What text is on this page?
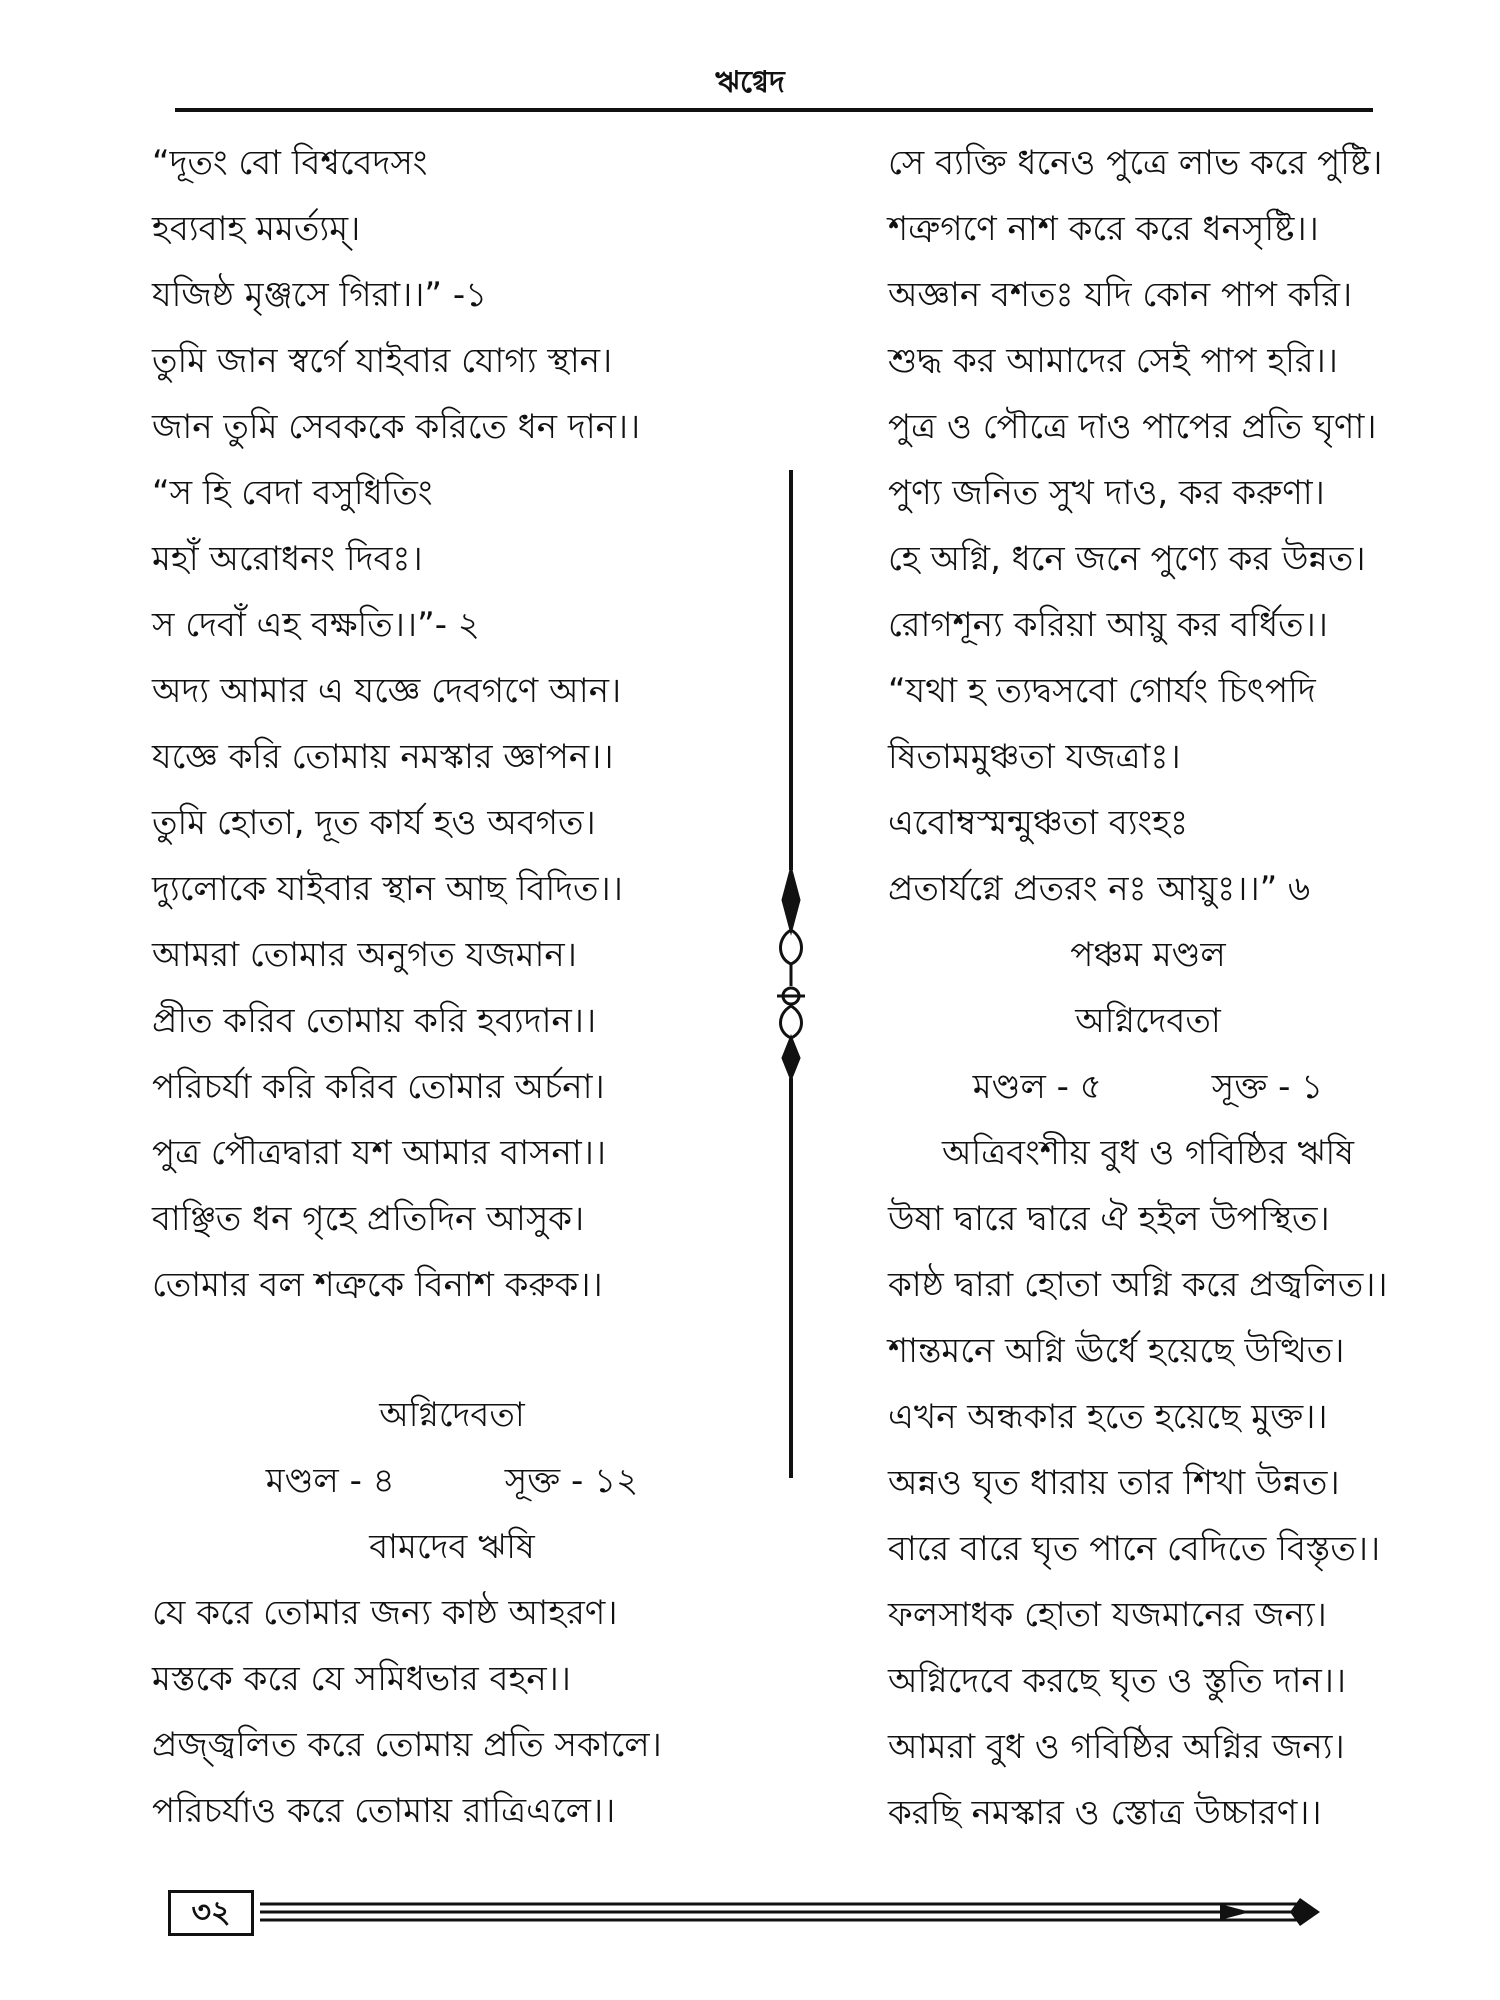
ঋগ্বেদ
“দূতং বো বিশ্ববেদসং
হব্যবাহ মমর্ত্যম্।
যজিষ্ঠ মৃঞ্জসে গিরা।।” -১
তুমি জান স্বর্গে যাইবার যোগ্য স্থান।
জান তুমি সেবককে করিতে ধন দান।।
“স হি বেদা বসুধিতিং
মহাঁ অরোধনং দিবঃ।
স দেবাঁ এহ বক্ষতি।।”- ২
অদ্য আমার এ যজ্ঞে দেবগণে আন।
যজ্ঞে করি তোমায় নমস্কার জ্ঞাপন।।
তুমি হোতা, দূত কার্য হও অবগত।
দ্যুলোকে যাইবার স্থান আছ বিদিত।।
আমরা তোমার অনুগত যজমান।
প্রীত করিব তোমায় করি হব্যদান।।
পরিচর্যা করি করিব তোমার অর্চনা।
পুত্র পৌত্রদ্বারা যশ আমার বাসনা।।
বাঞ্ছিত ধন গৃহে প্রতিদিন আসুক।
তোমার বল শত্রুকে বিনাশ করুক।।
অগ্নিদেবতা
মণ্ডল - ৪	সূক্ত - ১২
বামদেব ঋষি
যে করে তোমার জন্য কাষ্ঠ আহরণ।
মস্তকে করে যে সমিধভার বহন।।
প্রজ্জ্বলিত করে তোমায় প্রতি সকালে।
পরিচর্যাও করে তোমায় রাত্রিএলে।।
সে ব্যক্তি ধনেও পুত্রে লাভ করে পুষ্টি।
শত্রুগণে নাশ করে করে ধনসৃষ্টি।।
অজ্ঞান বশতঃ যদি কোন পাপ করি।
শুদ্ধ কর আমাদের সেই পাপ হরি।।
পুত্র ও পৌত্রে দাও পাপের প্রতি ঘৃণা।
পুণ্য জনিত সুখ দাও, কর করুণা।
হে অগ্নি, ধনে জনে পুণ্যে কর উন্নত।
রোগশূন্য করিয়া আয়ু কর বর্ধিত।।
“যথা হ ত্যদ্বসবো গোর্যং চিৎপদি
ষিতামমুঞ্চতা যজত্রাঃ।
এবোম্বস্মন্মুঞ্চতা ব্যংহঃ
প্রতার্যগ্নে প্রতরং নঃ আয়ুঃ।।” ৬
পঞ্চম মণ্ডল
অগ্নিদেবতা
মণ্ডল - ৫	সূক্ত - ১
অত্রিবংশীয় বুধ ও গবিষ্ঠির ঋষি
উষা দ্বারে দ্বারে ঐ হইল উপস্থিত।
কাষ্ঠ দ্বারা হোতা অগ্নি করে প্রজ্বলিত।।
শান্তমনে অগ্নি ঊর্ধে হয়েছে উত্থিত।
এখন অন্ধকার হতে হয়েছে মুক্ত।।
অন্নও ঘৃত ধারায় তার শিখা উন্নত।
বারে বারে ঘৃত পানে বেদিতে বিস্তৃত।।
ফলসাধক হোতা যজমানের জন্য।
অগ্নিদেবে করছে ঘৃত ও স্তুতি দান।।
আমরা বুধ ও গবিষ্ঠির অগ্নির জন্য।
করছি নমস্কার ও স্তোত্র উচ্চারণ।।
৩২
